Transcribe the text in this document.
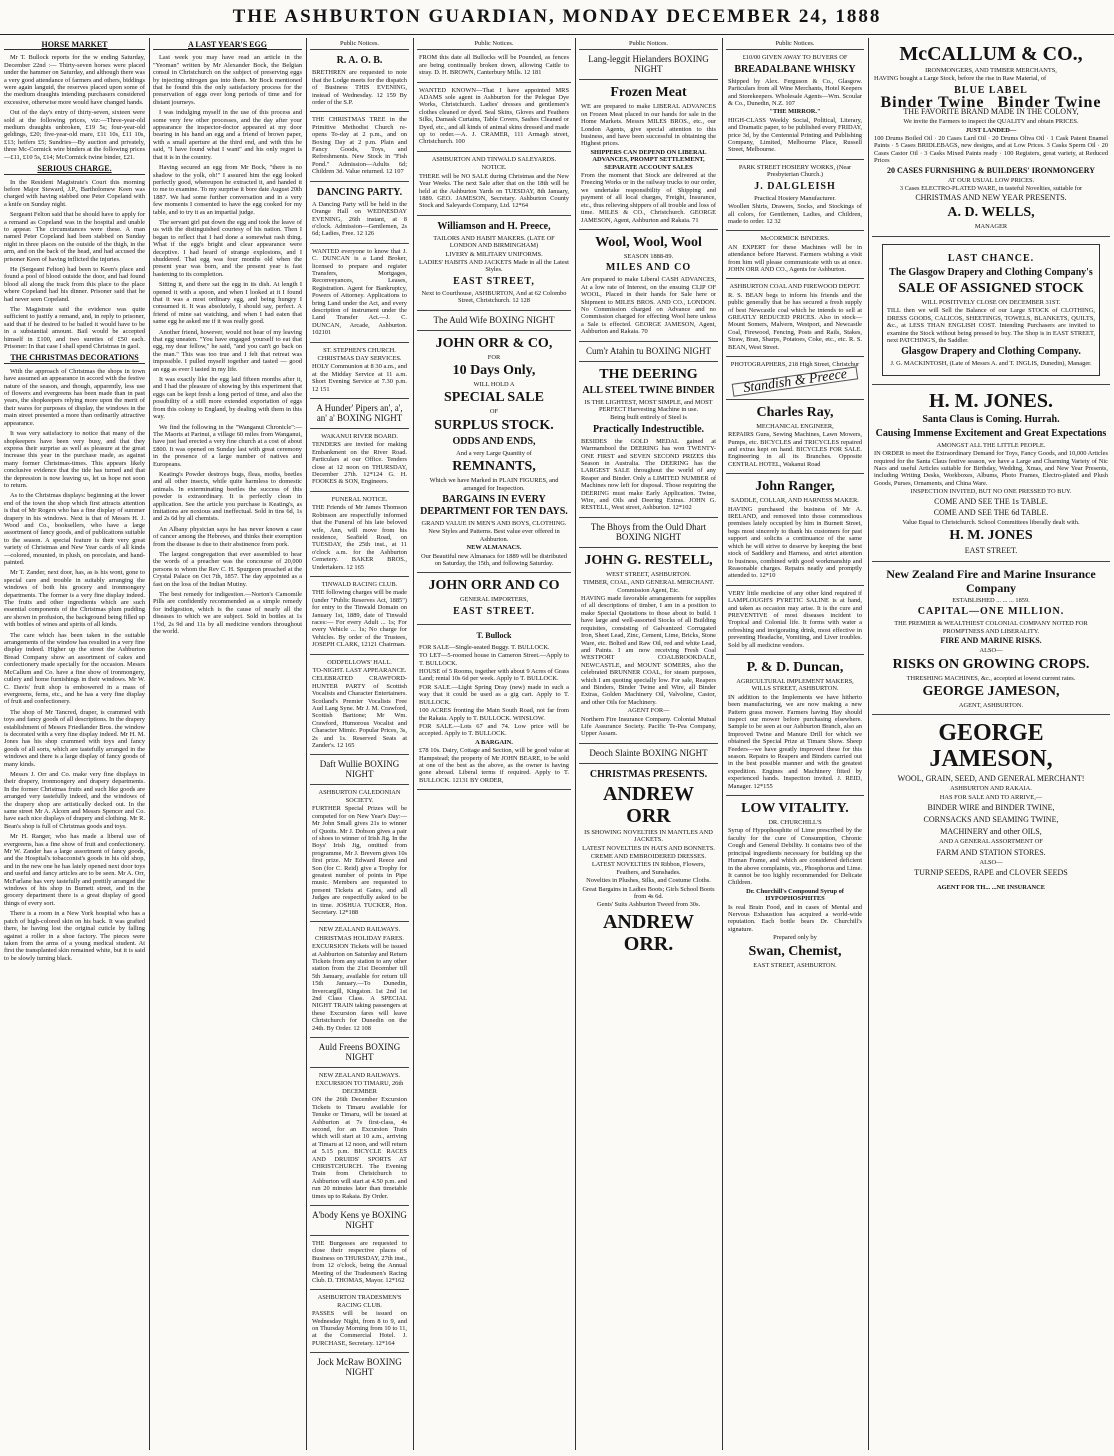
THE ASHBURTON GUARDIAN, MONDAY DECEMBER 24, 1888
HORSE MARKET

Mr T. Bullock reports for the w ending Saturday, December 22nd :— Thirty-seven horses were placed under the hammer on Saturday, and although there was a very good attendance of farmers and others, biddings were again languid, the reserves placed upon some of the medium draughts intending purchasers considered excessive, otherwise more would have changed hands.

Out of the day's entry of thirty-seven, sixteen were sold at the following prices, viz:—Three-year-old medium draughts unbroken, £19 5s; four-year-old geldings, £20; five-year-old mare, £11 10s, £11 10s, £13; heifers £5; Sundries—By auction and privately, three Mc-Cormick wire binders at the following prices—£11, £10 5s, £14; McCormick twine binder, £21.

SERIOUS CHARGE.

In the Resident Magistrate's Court this morning before Major Steward, J.P., Bartholomew Keen was charged with having stabbed one Peter Copeland with a knife on Sunday night.

Sergeant Felton said that he should have to apply for a remand as Copeland was in the hospital and unable to appear. The circumstances were these. A man named Peter Copeland had been stabbed on Sunday night in three places on the outside of the thigh, in the arm, and on the back of the head, and had accused the prisoner Keen of having inflicted the injuries.

He (Sergeant Felton) had been to Keen's place and found a pool of blood outside the door, and had found blood all along the track from this place to the place where Copeland had his dinner. Prisoner said that he had never seen Copeland.

The Magistrate said the evidence was quite sufficient to justify a remand, and, in reply to prisoner, said that if he desired to be bailed it would have to be in a substantial amount. Bail would be accepted himself in £100, and two sureties of £50 each. Prisoner: In that case I shall spend Christmas in gaol.

THE CHRISTMAS DECORATIONS

With the approach of Christmas the shops in town have assumed an appearance in accord with the festive nature of the season, and though, apparently, less use of flowers and evergreens has been made than in past years, the shopkeepers relying more upon the merit of their wares for purposes of display, the windows in the main street presented a more than ordinarily attractive appearance.

It was very satisfactory to notice that many of the shopkeepers have been very busy, and that they express their surprise as well as pleasure at the great increase this year in the purchase made, as against many former Christmas-times. This appears likely conclusive evidence that the tide has turned and that the depression is now leaving us, let us hope not soon to return.

As to the Christmas displays: beginning at the lower end of the town the shop which first attracts attention is that of Mr Rogers who has a fine display of summer drapery in his windows. Next is that of Messrs H. J. Wood and Co., booksellers, who have a large assortment of fancy goods, and of publications suitable to the season. A special feature is their very great variety of Christmas and New Year cards of all kinds—colored, mounted, in plush, on porcelain, and hand-painted.

Mr T. Zander, next door, has, as is his wont, gone to special care and trouble in suitably arranging the windows of both his grocery and ironmongery departments. The former is a very fine display indeed. The fruits and other ingredients which are such essential components of the Christmas plum pudding are shown in profusion, the background being filled up with bottles of wines and spirits of all kinds.

The care which has been taken in the suitable arrangements of the window has resulted in a very fine display indeed. Higher up the street the Ashburton Bread Company show an assortment of cakes and confectionery made specially for the occasion. Messrs McCallum and Co. have a fine show of ironmongery, cutlery and home furnishings in their windows. Mr W. C. Davis' fruit shop is embowered in a mass of evergreens, ferns, etc., and he has a very fine display of fruit and confectionery.

The shop of Mr Tancred, draper, is crammed with toys and fancy goods of all descriptions. In the drapery establishment of Messrs Friedlander Bros. the window is decorated with a very fine display indeed. Mr H. M. Jones has his shop crammed with toys and fancy goods of all sorts, which are tastefully arranged in the windows and there is a large display of fancy goods of many kinds.

Messrs J. Orr and Co. make very fine displays in their drapery, ironmongery and drapery departments. In the former Christmas fruits and such like goods are arranged very tastefully indeed, and the windows of the drapery shop are artistically decked out. In the same street Mr A. Alcorn and Messrs Spencer and Co. have each nice displays of drapery and clothing. Mr R. Bean's shop is full of Christmas goods and toys.

Mr H. Ranger, who has made a liberal use of evergreens, has a fine show of fruit and confectionery. Mr W. Zander has a large assortment of fancy goods, and the Hospital's tobacconist's goods in his old shop, and in the new one he has lately opened next door toys and useful and fancy articles are to be seen. Mr A. Orr, McFarlane has very tastefully and prettily arranged the windows of his shop in Burnett street, and in the grocery department there is a great display of good things of every sort.

There is a room in a New York hospital who has a patch of high-colored skin on his back. It was grafted there, he having lost the original cuticle by falling against a roller in a shoe factory. The pieces were taken from the arms of a young medical student. At first the transplanted skin remained white, but it is said to be slowly turning black.

A LAST YEAR'S EGG

Last week you may have read an article in the "Yeoman" written by Mr Alexander Bock, the Belgian consul in Christchurch on the subject of preserving eggs by injecting nitrogen gas into them. Mr Bock mentioned that he found this the only satisfactory process for the preservation of eggs over long periods of time and for distant journeys.

I was indulging myself in the use of this process and some very few other processes, and the day after your appearance the inspector-doctor appeared at my door bearing in his hand an egg and a friend of brown paper, with a small aperture at the third end, and with this he said, "I have found what I want" and his only regret is that it is in the country.

Having secured an egg from Mr Bock, "there is no shadow to the yolk, oh!" I assured him the egg looked perfectly good, whereupon he extracted it, and handed it to me to examine. To my surprise it bore date August 20th 1887. We had some further conversation and in a very few moments I consented to have the egg cooked for my table, and to try it as an impartial judge.

The servant girl put down the egg and took the leave of us with the distinguished courtesy of his nation. Then I began to reflect that I had done a somewhat rash thing. What if the egg's bright and clear appearance were deceptive. I had heard of strange explosions, and I shuddered. That egg was four months old when the present year was born, and the present year is fast hastening to its completion.

Sitting it, and there sat the egg in its dish. At length I opened it with a spoon, and when I looked at it I found that it was a most ordinary egg, and being hungry I consumed it. It was absolutely, I should say, perfect. A friend of mine sat watching, and when I had eaten that same egg he asked me if it was really good.

Another friend, however, would not hear of my leaving that egg uneaten. "You have engaged yourself to eat that egg, my dear fellow," he said, "and you can't go back on the man." This was too true and I felt that retreat was impossible. I pulled myself together and tasted — good an egg as ever I tasted in my life.

It was exactly like the egg laid fifteen months after it, and I had the pleasure of showing by this experiment that eggs can be kept fresh a long period of time, and also the possibility of a still more extended exportation of eggs from this colony to England, by dealing with them in this way.

We find the following in the "Wanganui Chronicle":—The Maoris at Parinui, a village 60 miles from Wanganui, have just had erected a very fine church at a cost of about £800. It was opened on Sunday last with great ceremony in the presence of a large number of natives and Europeans.

Keating's Powder destroys bugs, fleas, moths, beetles and all other insects, while quite harmless to domestic animals. In exterminating beetles the success of this powder is extraordinary. It is perfectly clean in application. See the article you purchase is Keating's, as imitations are noxious and ineffectual. Sold in tins 6d, 1s and 2s 6d by all chemists.

An Albany physician says he has never known a case of cancer among the Hebrews, and thinks their exemption from the disease is due to their abstinence from pork.

The largest congregation that ever assembled to hear the words of a preacher was the concourse of 20,000 persons to whom the Rev C. H. Spurgeon preached at the Crystal Palace on Oct 7th, 1857. The day appointed as a fast on the loss of the Indian Mutiny.

The best remedy for indigestion.—Norton's Camomile Pills are confidently recommended as a simple remedy for indigestion, which is the cause of nearly all the diseases to which we are subject. Sold in bottles at 1s 1½d, 2s 9d and 11s by all medicine vendors throughout the world.

Public Notices.
R. A. O. B.
BRETHREN are requested to note that the Lodge meets for the dispatch of Business THIS EVENING, instead of Wednesday. 12 159 By order of the S.P.
THE CHRISTMAS TREE in the Primitive Methodist Church re-opens To-day at 2 p.m., and on Boxing Day at 2 p.m. Plain and Fancy Goods, Toys, and Refreshments. New Stock in "Fish Pond." Admission—Adults 6d; Children 3d. Value returned. 12 107
DANCING PARTY.
A Dancing Party will be held in the Orange Hall on WEDNESDAY EVENING, 26th instant, at 8 o'clock. Admission—Gentlemen, 2s 6d; Ladies, Free. 12 126
WANTED everyone to know that J. C. DUNCAN is a Land Broker, licensed to prepare and register Transfers, Mortgages, Reconveyances, Leases, Registration. Agent for Bankruptcy, Powers of Attorney. Applications to bring Land under the Act, and every description of instrument under the Land Transfer Act.—J. C. DUNCAN, Arcade, Ashburton. 102101
ST. STEPHEN'S CHURCH.
CHRISTMAS DAY SERVICES.
HOLY Communion at 8 30 a.m., and at the Midday Service at 11 a.m. Short Evening Service at 7.30 p.m. 12 151
A Hunder' Pipers an', a', an' a' BOXING NIGHT
WAKANUI RIVER BOARD.
TENDERS are invited for making Embankment on the River Road. Particulars at our Office. Tenders close at 12 noon on THURSDAY, December 27th. 12*124 G. H. FOOKES & SON, Engineers.
FUNERAL NOTICE.
THE Friends of Mr James Thomson Robinson are respectfully informed that the Funeral of his late beloved wife, Ann, will move from his residence, Seafield Road, on TUESDAY, the 25th inst., at 11 o'clock a.m. for the Ashburton Cemetery. BAKER BROS., Undertakers. 12 165
TINWALD RACING CLUB.
THE following charges will be made (under "Public Reserves Act, 1885") for entry to the Tinwald Domain on January 1st, 1889, date of Tinwald races:— For every Adult ... 1s; For every Vehicle ... 1s; No charge for Vehicles. By order of the Trustees, JOSEPH CLARK, 12121 Chairman.
ODDFELLOWS' HALL.
TO-NIGHT. LAST APPEARANCE.
CELEBRATED CRAWFORD-HUNTER PARTY of Scottish Vocalists and Character Entertainers. Scotland's Premier Vocalists Free Aud Lang Syne. Mr J. M. Crawford, Scottish Baritone; Mr Wm. Crawford, Humorous Vocalist and Character Mimic. Popular Prices, 3s, 2s and 1s. Reserved Seats at Zander's. 12 165
Daft Wullie BOXING NIGHT
ASHBURTON CALEDONIAN SOCIETY.
FURTHER Special Prizes will be competed for on New Year's Day:— Mr John Small gives 21s to winner of Quoits. Mr J. Dobson gives a pair of shoes to winner of Irish Jig. In the Boys' Irish Jig, omitted from programme, Mr J. Brevern gives 10s first prize. Mr Edward Reece and Son (for C. Reid) give a Trophy for greatest number of points in Pipe music. Members are requested to present Tickets at Gates, and all Judges are respectfully asked to be in time. JOSHUA TUCKER, Hon. Secretary. 12*188
NEW ZEALAND RAILWAYS.
CHRISTMAS HOLIDAY FARES.
EXCURSION Tickets will be issued at Ashburton on Saturday and Return Tickets from any station to any other station from the 21st December till 5th January, available for return till 15th January.—To Dunedin, Invercargill, Kingston. 1st 2nd 1st 2nd Class Class. A SPECIAL NIGHT TRAIN taking passengers at these Excursion fares will leave Christchurch for Dunedin on the 24th. By Order. 12 108
Auld Freens BOXING NIGHT
NEW ZEALAND RAILWAYS.
EXCURSION TO TIMARU, 26th DECEMBER
ON the 26th December Excursion Tickets to Timaru available for Tenuke or Timaru, will be issued at Ashburton at 7s first-class, 4s second, for an Excursion Train which will start at 10 a.m., arriving at Timaru at 12 noon, and will return at 5.15 p.m. BICYCLE RACES AND DRUIDS' SPORTS AT CHRISTCHURCH. The Evening Train from Christchurch to Ashburton will start at 4.50 p.m. and run 20 minutes later than timetable times up to Rakaia. By Order.
A'body Kens ye BOXING NIGHT
THE Burgesses are requested to close their respective places of Business on THURSDAY, 27th inst., from 12 o'clock, being the Annual Meeting of the Tradesmen's Racing Club. D. THOMAS, Mayor. 12*162
ASHBURTON TRADESMEN'S RACING CLUB.
PASSES will be issued on Wednesday Night, from 8 to 9, and on Thursday Morning from 10 to 11, at the Commercial Hotel. J. PURCHASE, Secretary. 12*164
Jock McRaw BOXING NIGHT
Public Notices.
FROM this date all Bullocks will be Pounded, as fences are being continually broken down, allowing Cattle to stray. D. H. BROWN, Canterbury Mills. 12 181
WANTED KNOWN—That I have appointed MRS ADAMS sole agent in Ashburton for the Pelegue Dye Works, Christchurch. Ladies' dresses and gentlemen's clothes cleaned or dyed. Seal Skins, Gloves and Feathers Silks, Damask Curtains, Table Covers, Sashes Cleaned or Dyed, etc., and all kinds of animal skins dressed and made up to order.—A. J. CRAMER, 111 Armagh street, Christchurch. 100
ASHBURTON AND TINWALD SALEYARDS.
NOTICE.
THERE will be NO SALE during Christmas and the New Year Weeks. The next Sale after that on the 18th will be held at the Ashburton Yards on TUESDAY, 8th January, 1889. GEO. JAMESON, Secretary. Ashburton County Stock and Saleyards Company, Ltd. 12*64
Williamson and H. Preece,
TAILORS AND HABIT MAKERS. (LATE OF LONDON AND BIRMINGHAM)
LIVERY & MILITARY UNIFORMS.
LADIES' HABITS AND JACKETS Made in all the Latest Styles.
EAST STREET,
Next to Courthouse, ASHBURTON, And at 62 Colombo Street, Christchurch. 12 128
The Auld Wife BOXING NIGHT
JOHN ORR & CO,
FOR
10 Days Only,
WILL HOLD A
SPECIAL SALE
OF
SURPLUS STOCK.
ODDS AND ENDS,
And a very Large Quantity of
REMNANTS,
Which we have Marked in PLAIN FIGURES, and arranged for Inspection.
BARGAINS IN EVERY DEPARTMENT FOR TEN DAYS.
GRAND VALUE IN MEN'S AND BOYS, CLOTHING.
New Styles and Patterns. Best value ever offered in Ashburton.
NEW ALMANACS.
Our Beautiful new Almanacs for 1889 will be distributed on Saturday, the 15th, and following Saturday.
JOHN ORR AND CO
GENERAL IMPORTERS,
EAST STREET.
T. Bullock
FOR SALE—Single-seated Buggy. T. BULLOCK.
TO LET—5-roomed house in Cameron Street.—Apply to T. BULLOCK.
HOUSE of 5 Rooms, together with about 9 Acres of Grass Land; rental 10s 6d per week. Apply to T. BULLOCK.
FOR SALE.—Light Spring Dray (new) made in such a way that it could be used as a gig cart. Apply to T. BULLOCK.
100 ACRES fronting the Main South Road, not far from the Rakaia. Apply to T. BULLOCK. WINSLOW.
FOR SALE.—Lots 67 and 74. Low price will be accepted. Apply to T. BULLOCK.
A BARGAIN.
£78 10s. Dairy, Cottage and Section, will be good value at Hampstead; the property of Mr JOHN BEARE, to be sold at one of the best as the above, as the owner is having gone abroad. Liberal terms if required. Apply to T. BULLOCK. 12131 BY ORDER,
Public Notices.
Lang-leggit Hielanders BOXING NIGHT
Frozen Meat
WE are prepared to make LIBERAL ADVANCES on Frozen Meat placed in our hands for sale in the Home Markets. Messrs MILES BROS., etc., our London Agents, give special attention to this business, and have been successful in obtaining the Highest prices.
SHIPPERS CAN DEPEND ON LIBERAL ADVANCES, PROMPT SETTLEMENT, SEPARATE ACCOUNT SALES
From the moment that Stock are delivered at the Freezing Works or in the railway trucks to our order, we undertake responsibility of Shipping and payment of all local charges, Freight, Insurance, etc., thus relieving shippers of all trouble and loss of time. MILES & CO., Christchurch. GEORGE JAMESON, Agent, Ashburton and Rakaia. 71
Wool, Wool, Wool
SEASON 1888-89.
MILES AND CO
Are prepared to make Liberal CASH ADVANCES, At a low rate of Interest, on the ensuing CLIP OF WOOL, Placed in their hands for Sale here or Shipment to MILES BROS. AND CO., LONDON. No Commission charged on Advance and no Commission charged for effecting Wool here unless a Sale is effected. GEORGE JAMESON, Agent, Ashburton and Rakaia. 70
Cum'r Atahin tu BOXING NIGHT
THE DEERING
ALL STEEL TWINE BINDER
IS THE LIGHTEST, MOST SIMPLE, and MOST PERFECT Harvesting Machine in use.
Being built entirely of Steel is
Practically Indestructible.
BESIDES the GOLD MEDAL gained at Warrnambool the DEERING has won TWENTY-ONE FIRST and SEVEN SECOND PRIZES this Season in Australia. The DEERING has the LARGEST SALE throughout the world of any Reaper and Binder. Only a LIMITED NUMBER of Machines now left for disposal. Those requiring the DEERING must make Early Application. Twine, Wire, and Oils and Deering Extras. JOHN G. RESTELL, West street, Ashburton. 12*102
The Bhoys from the Ould Dhart BOXING NIGHT
JOHN G. RESTELL,
WEST STREET, ASHBURTON.
TIMBER, COAL, AND GENERAL MERCHANT. Commission Agent, Etc.
HAVING made favorable arrangements for supplies of all descriptions of timber, I am in a position to make Special Quotations to those about to build. I have large and well-assorted Stocks of all Building requisites, consisting of Galvanized Corrugated Iron, Sheet Lead, Zinc, Cement, Lime, Bricks, Stone Ware, etc. Bolted and Raw Oil, red and white Lead, and Paints. I am now receiving Fresh Coal WESTPORT COALBROOKDALE, NEWCASTLE, and MOUNT SOMERS, also the celebrated BRUNNER COAL, for steam purposes, which I am quoting specially low. For sale, Reapers and Binders, Binder Twine and Wire, all Binder Extras, Golden Machinery Oil, Valvoline, Castor, and other Oils for Machinery.
AGENT FOR—
Northern Fire Insurance Company. Colonial Mutual Life Assurance Society. Pacific Te-Pea Company, Upper Assam.
Deoch Slainte BOXING NIGHT
CHRISTMAS PRESENTS.
ANDREW ORR
IS SHOWING NOVELTIES IN MANTLES AND JACKETS.
LATEST NOVELTIES IN HATS AND BONNETS.
CREME AND EMBROIDERED DRESSES.
LATEST NOVELTIES IN Ribbon, Flowers, Feathers, and Sunshades.
Novelties in Plushes, Silks, and Costume Cloths.
Great Bargains in Ladies Boots; Girls School Boots from 4s 6d.
Gents' Suits Ashburton Tweed from 30s.
ANDREW ORR.
Public Notices.
£10/00 GIVEN AWAY TO BUYERS OF
BREADALBANE WHISKY
Shipped by Alex. Ferguson & Co., Glasgow. Particulars from all Wine Merchants, Hotel Keepers and Storekeepers. Wholesale Agents—Wm. Scoular & Co., Dunedin, N.Z. 107
"THE MIRROR."
HIGH-CLASS Weekly Social, Political, Literary, and Dramatic paper, to be published every FRIDAY, price 3d, by the Centennial Printing and Publishing Company, Limited, Melbourne Place, Russell Street, Melbourne.
PARK STREET HOSIERY WORKS, (Near Presbyterian Church.)
J. DALGLEISH
Practical Hosiery Manufacturer.
Woollen Shirts, Drawers, Socks, and Stockings of all colors, for Gentlemen, Ladies, and Children, made to order. 12 32
McCORMICK BINDERS.
AN EXPERT for these Machines will be in attendance before Harvest. Farmers wishing a visit from him will please communicate with us at once. JOHN ORR AND CO., Agents for Ashburton.
ASHBURTON COAL AND FIREWOOD DEPOT.
R. S. BEAN begs to inform his friends and the public generally that he has secured a fresh supply of best Newcastle coal which he intends to sell at GREATLY REDUCED PRICES. Also in stock—Mount Somers, Malvern, Westport, and Newcastle Coal, Firewood, Fencing, Posts and Rails, Stakes, Straw, Bran, Sharps, Potatoes, Coke, etc., etc. R. S. BEAN, West Street.
PHOTOGRAPHERS, 218 High Street, Christchur
Standish & Preece
Charles Ray,
MECHANICAL ENGINEER,
REPAIRS Guns, Sewing Machines, Lawn Mowers, Pumps, etc. BICYCLES and TRICYCLES repaired and extras kept on hand. BICYCLES FOR SALE. Engineering in all its Branches. Opposite CENTRAL HOTEL, Wakanui Road
John Ranger,
SADDLE, COLLAR, AND HARNESS MAKER.
HAVING purchased the business of Mr A. IRELAND, and removed into those commodious premises lately occupied by him in Burnett Street, begs most sincerely to thank his customers for past support and solicits a continuance of the same which he will strive to deserve by keeping the best stock of Saddlery and Harness, and strict attention to business, combined with good workmanship and Reasonable charges. Repairs neatly and promptly attended to. 12*10
VERY little medicine of any other kind required if LAMPLOUGH'S PYRETIC SALINE is at hand, and taken as occasion may arise. It is the cure and PREVENTIVE of most diseases incident to Tropical and Colonial life. It forms with water a refreshing and invigorating drink, most effective in preventing Headache, Vomiting, and Liver troubles. Sold by all medicine vendors.
P. & D. Duncan,
AGRICULTURAL IMPLEMENT MAKERS, WILLS STREET, ASHBURTON.
IN addition to the Implements we have hitherto been manufacturing, we are now making a new Pattern grass mower. Farmers having Hay should inspect our mower before purchasing elsewhere. Sample to be seen at our Ashburton Branch, also an Improved Twine and Manure Drill for which we obtained the Special Prize at Timaru Show. Sheep Feeders—we have greatly improved these for this season. Repairs to Reapers and Binders carried out in the best possible manner and with the greatest expedition. Engines and Machinery fitted by experienced hands. Inspection invited. J. REID, Manager. 12*155
LOW VITALITY.
DR. CHURCHILL'S
Syrup of Hypophosphite of Lime prescribed by the faculty for the cure of Consumption, Chronic Cough and General Debility. It contains two of the principal ingredients necessary for building up the Human Frame, and which are considered deficient in the above complaints, viz., Phosphorus and Lime. It cannot be too highly recommended for Delicate Children.
Dr. Churchill's Compound Syrup of HYPOPHOSPHITES
Is real Brain Food, and in cases of Mental and Nervous Exhaustion has acquired a world-wide reputation. Each bottle bears Dr. Churchill's signature.
Prepared only by
Swan, Chemist,
EAST STREET, ASHBURTON.
McCALLUM & CO.,
IRONMONGERS, AND TIMBER MERCHANTS,
HAVING bought a Large Stock, before the rise in Raw Material, of
BLUE LABEL
Binder Twine Binder Twine
THE FAVORITE BRAND MADE IN THE COLONY,
We invite the Farmers to inspect the QUALITY and obtain PRICES.
JUST LANDED—
100 Drums Boiled Oil · 20 Cases Lard Oil · 20 Drums Oliva Oil · 1 Cask Patent Enamel Paints · 5 Cases BRIDLEBAGS, new designs, and at Low Prices. 3 Casks Sperm Oil · 20 Cases Castor Oil · 3 Casks Mixed Paints ready · 100 Registers, great variety, at Reduced Prices
20 CASES FURNISHING & BUILDERS' IRONMONGERY
AT OUR USUAL LOW PRICES.
3 Cases ELECTRO-PLATED WARE, in tasteful Novelties, suitable for
CHRISTMAS AND NEW YEAR PRESENTS.
A. D. WELLS,
MANAGER
LAST CHANCE.
The Glasgow Drapery and Clothing Company's
SALE OF ASSIGNED STOCK
WILL POSITIVELY CLOSE ON DECEMBER 31ST.
TILL then we will Sell the Balance of our Large STOCK of CLOTHING, DRESS GOODS, CALICOS, SHEETINGS, TOWELS, BLANKETS, QUILTS, &c., at LESS THAN ENGLISH COST. Intending Purchasers are invited to examine the Stock without being pressed to buy. The Shop is in EAST STREET, next PATCHING'S, the Saddler.
Glasgow Drapery and Clothing Company.
J. G. MACKINTOSH, (Late of Messrs A. and T. INGLIS, Dunedin), Manager.
H. M. JONES.
Santa Claus is Coming. Hurrah.
Causing Immense Excitement and Great Expectations
AMONGST ALL THE LITTLE PEOPLE.
IN ORDER to meet the Extraordinary Demand for Toys, Fancy Goods, and 10,000 Articles required for the Santa Claus festive season, we have a Large and Charming Variety of Nic Nacs and useful Articles suitable for Birthday, Wedding, Xmas, and New Year Presents, including Writing Desks, Workboxes, Albums, Photo Frames, Electro-plated and Plush Goods, Purses, Ornaments, and China Ware.
INSPECTION INVITED, BUT NO ONE PRESSED TO BUY.
COME AND SEE THE 1s TABLE.
COME AND SEE THE 6d TABLE.
Value Equal to Christchurch. School Committees liberally dealt with.
H. M. JONES
EAST STREET.
New Zealand Fire and Marine Insurance Company
ESTABLISHED ... ... ... 1859.
CAPITAL—ONE MILLION.
THE PREMIER & WEALTHIEST COLONIAL COMPANY NOTED FOR PROMPTNESS AND LIBERALITY.
FIRE AND MARINE RISKS.
ALSO—
RISKS ON GROWING CROPS.
THRESHING MACHINES, &c., accepted at lowest current rates.
GEORGE JAMESON,
AGENT, ASHBURTON.
GEORGE JAMESON,
WOOL, GRAIN, SEED, AND GENERAL MERCHANT!
ASHBURTON AND RAKAIA.
HAS FOR SALE AND TO ARRIVE,—
BINDER WIRE and BINDER TWINE,
CORNSACKS AND SEAMING TWINE,
MACHINERY and other OILS,
AND A GENERAL ASSORTMENT OF
FARM AND STATION STORES.
ALSO—
TURNIP SEEDS, RAPE and CLOVER SEEDS
AGENT FOR TH... ...NE INSURANCE
